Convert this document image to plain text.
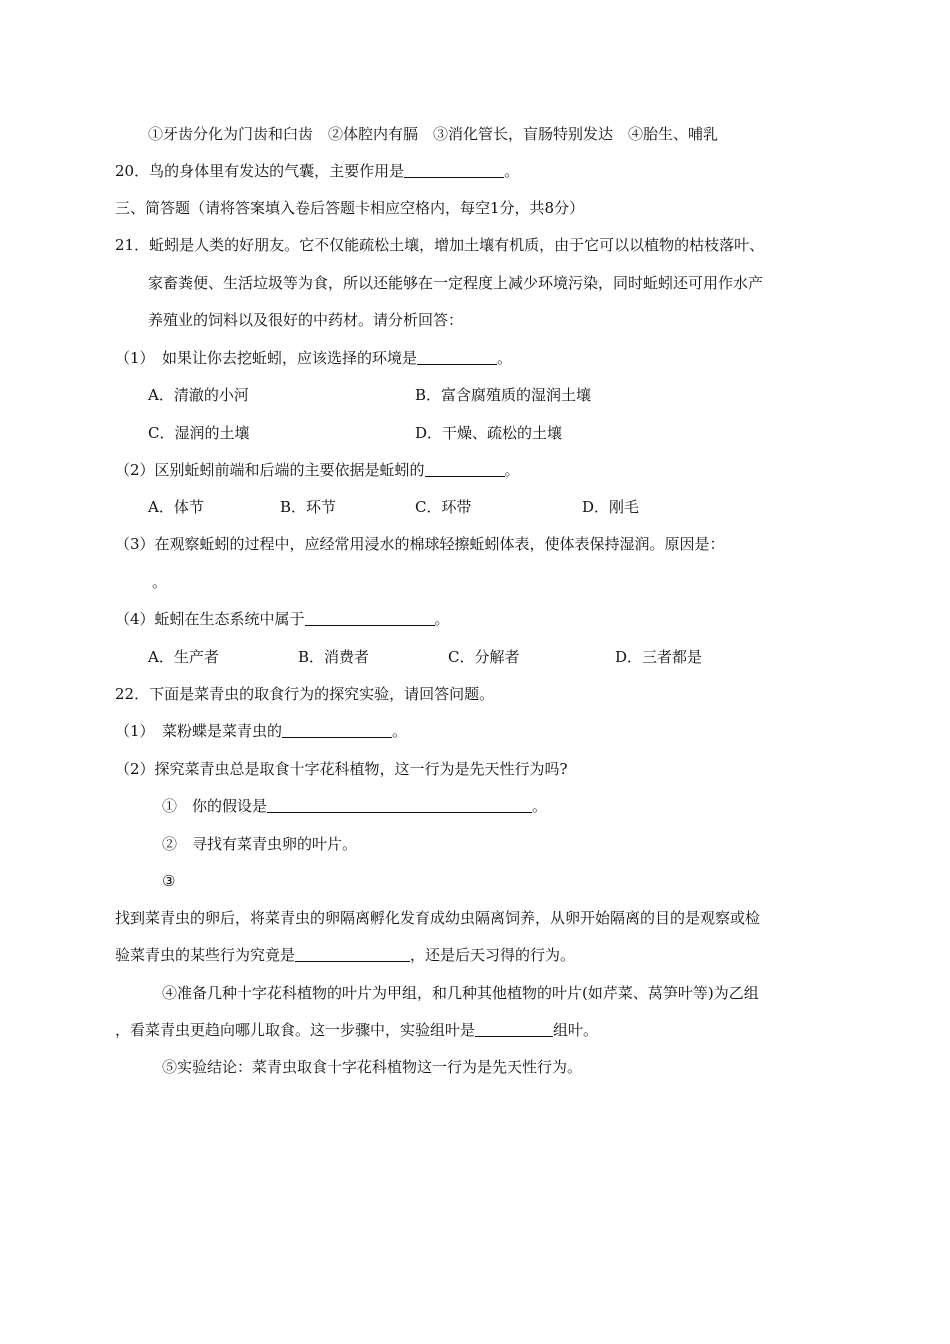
①牙齿分化为门齿和臼齿　②体腔内有膈　③消化管长，盲肠特别发达　④胎生、哺乳
20．鸟的身体里有发达的气囊，主要作用是	。
三、简答题（请将答案填入卷后答题卡相应空格内，每空1分，共8分）
21．蚯蚓是人类的好朋友。它不仅能疏松土壤，增加土壤有机质，由于它可以以植物的枯枝落叶、
家畜粪便、生活垃圾等为食，所以还能够在一定程度上减少环境污染，同时蚯蚓还可用作水产
养殖业的饲料以及很好的中药材。请分析回答：
（1）　如果让你去挖蚯蚓，应该选择的环境是	。
A．清澈的小河	B．富含腐殖质的湿润土壤
C．湿润的土壤	D．干燥、疏松的土壤
（2）区别蚯蚓前端和后端的主要依据是蚯蚓的	。
A．体节	B．环节	C．环带	D．刚毛
（3）在观察蚯蚓的过程中，应经常用浸水的棉球轻擦蚯蚓体表，使体表保持湿润。原因是：
。
（4）蚯蚓在生态系统中属于	。
A．生产者	B．消费者	C．分解者	D．三者都是
22．下面是菜青虫的取食行为的探究实验，请回答问题。
（1）　菜粉蝶是菜青虫的	。
（2）探究菜青虫总是取食十字花科植物，这一行为是先天性行为吗?
①　你的假设是	。
②　寻找有菜青虫卵的叶片。
③
找到菜青虫的卵后，将菜青虫的卵隔离孵化发育成幼虫隔离饲养，从卵开始隔离的目的是观察或检
验菜青虫的某些行为究竟是	，还是后天习得的行为。
④准备几种十字花科植物的叶片为甲组，和几种其他植物的叶片(如芹菜、莴笋叶等)为乙组
，看菜青虫更趋向哪儿取食。这一步骤中，实验组叶是	组叶。
⑤实验结论：菜青虫取食十字花科植物这一行为是先天性行为。
